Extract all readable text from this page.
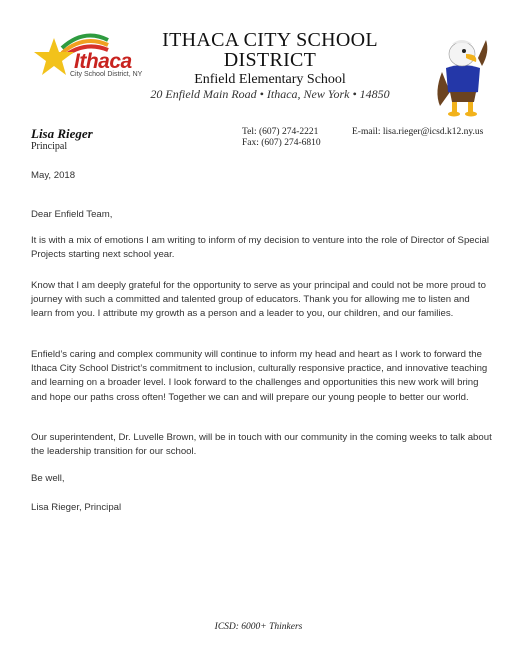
Ithaca
City School District, NY
ITHACA CITY SCHOOL
DISTRICT
Enfield Elementary School
20 Enfield Main Road • Ithaca, New York • 14850
Lisa Rieger
Principal
Tel: (607) 274-2221
Fax: (607) 274-6810
E-mail: lisa.rieger@icsd.k12.ny.us

May, 2018

Dear Enfield Team,

It is with a mix of emotions I am writing to inform of my decision to venture into the role of Director of Special Projects starting next school year.

Know that I am deeply grateful for the opportunity to serve as your principal and could not be more proud to journey with such a committed and talented group of educators. Thank you for allowing me to listen and learn from you. I attribute my growth as a person and a leader to you, our children, and our families.

Enfield’s caring and complex community will continue to inform my head and heart as I work to forward the Ithaca City School District’s commitment to inclusion, culturally responsive practice, and innovative teaching and learning on a broader level. I look forward to the challenges and opportunities this new work will bring and hope our paths cross often! Together we can and will prepare our young people to better our world.

Our superintendent, Dr. Luvelle Brown, will be in touch with our community in the coming weeks to talk about the leadership transition for our school.

Be well,

Lisa Rieger, Principal

ICSD: 6000+ Thinkers
